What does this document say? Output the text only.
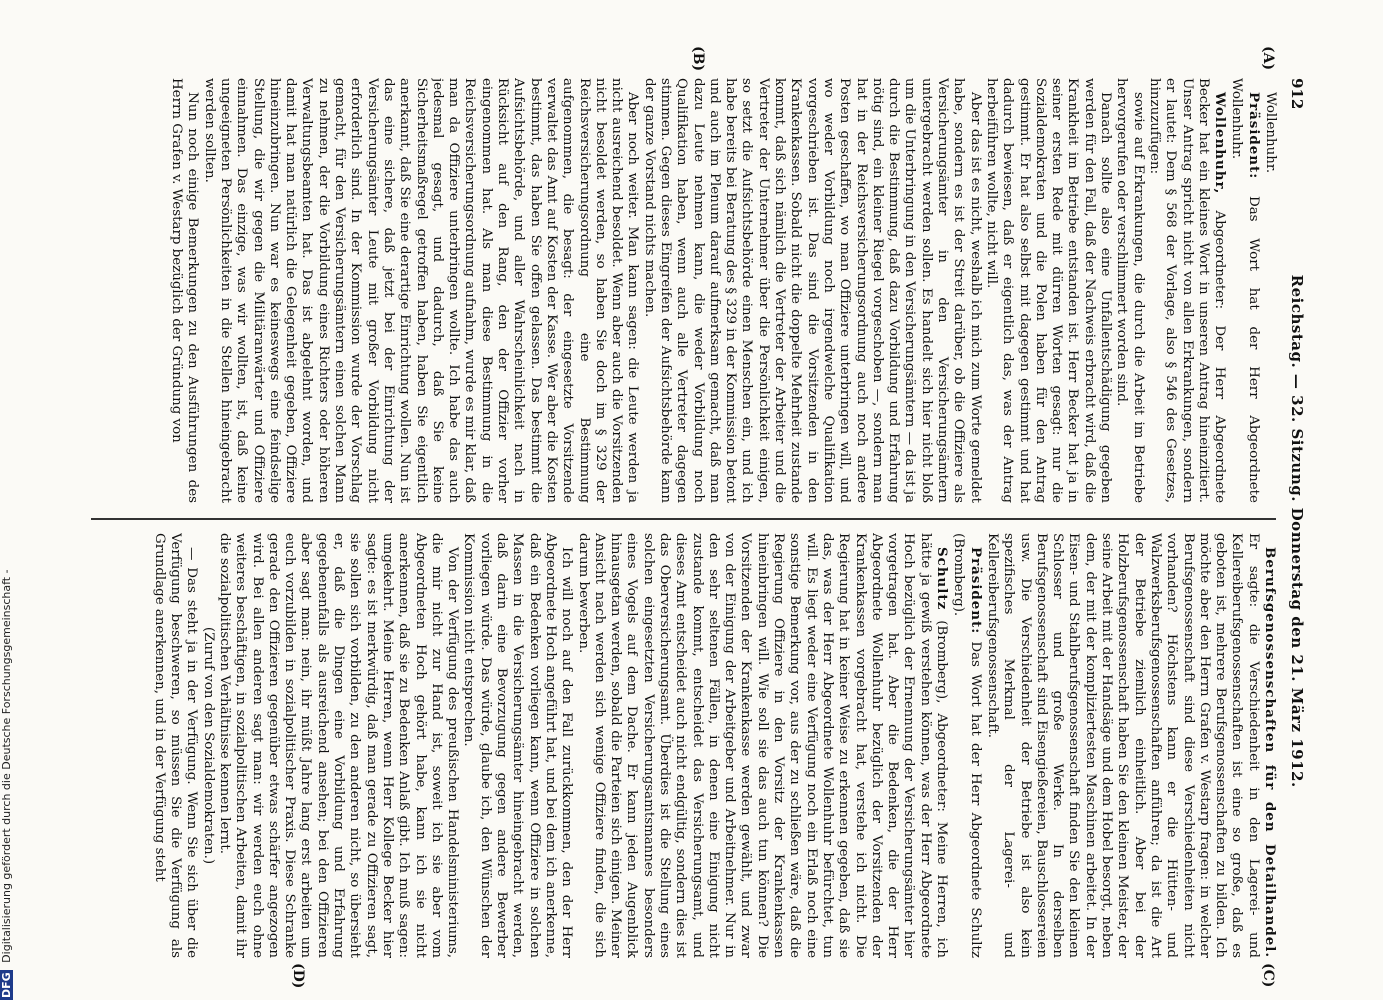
912
Reichstag. — 32. Sitzung. Donnerstag den 21. März 1912.

Wollenhuhr.

Präsident: Das Wort hat der Herr Abgeordnete Wollenhuhr.

Wollenhuhr, Abgeordneter: Der Herr Abgeordnete Becker hat ein kleines Wort in unseren Antrag hineinzitiert. Unser Antrag spricht nicht von allen Erkrankungen, sondern er lautet: Dem § 568 der Vorlage, also § 546 des Gesetzes, hinzuzufügen:

sowie auf Erkrankungen, die durch die Arbeit im Betriebe hervorgerufen oder verschlimmert worden sind.

Danach sollte also eine Unfallentschädigung gegeben werden für den Fall, daß der Nachweis erbracht wird, daß die Krankheit im Betriebe entstanden ist. Herr Becker hat ja in seiner ersten Rede mit dürren Worten gesagt: nur die Sozialdemokraten und die Polen haben für den Antrag gestimmt. Er hat also selbst mit dagegen gestimmt und hat dadurch bewiesen, daß er eigentlich das, was der Antrag herbeiführen wollte, nicht will.

Aber das ist es nicht, weshalb ich mich zum Worte gemeldet habe, sondern es ist der Streit darüber, ob die Offiziere als Versicherungsämter in den Versicherungsämtern untergebracht werden sollen. Es handelt sich hier nicht bloß um die Unterbringung in den Versicherungsämtern — da ist ja durch die Bestimmung, daß dazu Vorbildung und Erfahrung nötig sind, ein kleiner Riegel vorgeschoben —, sondern man hat in der Reichsversicherungsordnung auch noch andere Posten geschaffen, wo man Offiziere unterbringen will, und wo weder Vorbildung noch irgendwelche Qualifikation vorgeschrieben ist. Das sind die Vorsitzenden in den Krankenkassen. Sobald nicht die doppelte Mehrheit zustande kommt, daß sich nämlich die Vertreter der Arbeiter und die Vertreter der Unternehmer über die Persönlichkeit einigen, so setzt die Aufsichtsbehörde einen Menschen ein, und ich habe bereits bei Beratung des § 329 in der Kommission betont und auch im Plenum darauf aufmerksam gemacht, daß man dazu Leute nehmen kann, die weder Vorbildung noch Qualifikation haben, wenn auch alle Vertreter dagegen stimmen. Gegen dieses Eingreifen der Aufsichtsbehörde kann der ganze Vorstand nichts machen.

Aber noch weiter. Man kann sagen: die Leute werden ja nicht ausreichend besoldet. Wenn aber auch die Vorsitzenden nicht besoldet werden, so haben Sie doch im § 329 der Reichsversicherungsordnung eine Bestimmung aufgenommen, die besagt: der eingesetzte Vorsitzende verwaltet das Amt auf Kosten der Kasse. Wer aber die Kosten bestimmt, das haben Sie offen gelassen. Das bestimmt die Aufsichtsbehörde, und aller Wahrscheinlichkeit nach in Rücksicht auf den Rang, den der Offizier vorher eingenommen hat. Als man diese Bestimmung in die Reichsversicherungsordnung aufnahm, wurde es mir klar, daß man da Offiziere unterbringen wollte. Ich habe das auch jedesmal gesagt, und dadurch, daß Sie keine Sicherheitsmaßregel getroffen haben, haben Sie eigentlich anerkannt, daß Sie eine derartige Einrichtung wollen. Nun ist das eine sichere, daß jetzt bei der Einrichtung der Versicherungsämter Leute mit großer Vorbildung nicht erforderlich sind. In der Kommission wurde der Vorschlag gemacht, für den Versicherungsämtern einen solchen Mann zu nehmen, der die Vorbildung eines Richters oder höheren Verwaltungsbeamten hat. Das ist abgelehnt worden, und damit hat man natürlich die Gelegenheit gegeben, Offiziere hineinzubringen. Nun war es keineswegs eine feindselige Stellung, die wir gegen die Militäranwärter und Offiziere einnahmen. Das einzige, was wir wollten, ist, daß keine ungeeigneten Persönlichkeiten in die Stellen hineingebracht werden sollten.

Nun noch einige Bemerkungen zu den Ausführungen des Herrn Grafen v. Westarp bezüglich der Gründung von

Berufsgenossenschaften für den Detailhandel. Er sagte: die Verschiedenheit in den Lagerei- und Kellereiberufsgenossenschaften ist eine so große, daß es geboten ist, mehrere Berufsgenossenschaften zu bilden. Ich möchte aber den Herrn Grafen v. Westarp fragen: in welcher Berufsgenossenschaft sind diese Verschiedenheiten nicht vorhanden? Höchstens kann er die Hütten- und Walzwerksberufsgenossenschaften anführen; da ist die Art der Betriebe ziemlich einheitlich. Aber bei der Holzberufsgenossenschaft haben Sie den kleinen Meister, der seine Arbeit mit der Handsäge und dem Hobel besorgt, neben dem, der mit der kompliziertesten Maschinen arbeitet. In der Eisen- und Stahlberufsgenossenschaft finden Sie den kleinen Schlosser und große Werke. In derselben Berufsgenossenschaft sind Eisengießereien, Bauschlossereien usw. Die Verschiedenheit der Betriebe ist also kein spezifisches Merkmal der Lagerei- und Kellereiberufsgenossenschaft.

Präsident: Das Wort hat der Herr Abgeordnete Schultz (Bromberg).

Schultz (Bromberg), Abgeordneter: Meine Herren, ich hätte ja gewiß verstehen können, was der Herr Abgeordnete Hoch bezüglich der Ernennung der Versicherungsämter hier vorgetragen hat. Aber die Bedenken, die der Herr Abgeordnete Wollenhuhr bezüglich der Vorsitzenden der Krankenkassen vorgebracht hat, verstehe ich nicht. Die Regierung hat in keiner Weise zu erkennen gegeben, daß sie das, was der Herr Abgeordnete Wollenhuhr befürchtet, tun will. Es liegt weder eine Verfügung noch ein Erlaß noch eine sonstige Bemerkung vor, aus der zu schließen wäre, daß die Regierung Offiziere in den Vorsitz der Krankenkassen hineinbringen will. Wie soll sie das auch tun können? Die Vorsitzenden der Krankenkasse werden gewählt, und zwar von der Einigung der Arbeitgeber und Arbeitnehmer. Nur in den sehr seltenen Fällen, in denen eine Einigung nicht zustande kommt, entscheidet das Versicherungsamt, und dieses Amt entscheidet auch nicht endgültig, sondern dies ist das Oberversicherungsamt. Überdies ist die Stellung eines solchen eingesetzten Versicherungsamtsmannes besonders eines Vogels auf dem Dache. Er kann jeden Augenblick hinausgetan werden, sobald die Parteien sich einigen. Meiner Ansicht nach werden sich wenige Offiziere finden, die sich darum bewerben.

Ich will noch auf den Fall zurückkommen, den der Herr Abgeordnete Hoch angeführt hat, und bei dem ich anerkenne, daß ein Bedenken vorliegen kann, wenn Offiziere in solchen Massen in die Versicherungsämter hineingebracht werden, daß darin eine Bevorzugung gegen andere Bewerber vorliegen würde. Das würde, glaube ich, den Wünschen der Kommission nicht entsprechen.

Von der Verfügung des preußischen Handelsministeriums, die mir nicht zur Hand ist, soweit ich sie aber vom Abgeordneten Hoch gehört habe, kann ich sie nicht anerkennen, daß sie zu Bedenken Anlaß gibt. Ich muß sagen: umgekehrt. Meine Herren, wenn Herr Kollege Becker hier sagte: es ist merkwürdig, daß man gerade zu Offizieren sagt, sie sollen sich vorbilden, zu den anderen nicht, so übersieht er, daß die Dingen eine Vorbildung und Erfahrung gegebenenfalls als ausreichend ansehen; bei den Offizieren aber sagt man: nein, ihr müßt Jahre lang erst arbeiten um euch vorzubilden in sozialpolitischer Praxis. Diese Schranke gerade den Offizieren gegenüber etwas schärfer angezogen wird. Bei allen anderen sagt man: wir werden euch ohne weiteres beschäftigen, in sozialpolitischen Arbeiten, damit ihr die sozialpolitischen Verhältnisse kennen lernt.

(Zuruf von den Sozialdemokraten.)

— Das steht ja in der Verfügung. Wenn Sie sich über die Verfügung beschweren, so müssen Sie die Verfügung als Grundlage anerkennen, und in der Verfügung steht

(A)
(B)
(C)
(D)
DFG Digitalisierung gefördert durch die Deutsche Forschungsgemeinschaft -
